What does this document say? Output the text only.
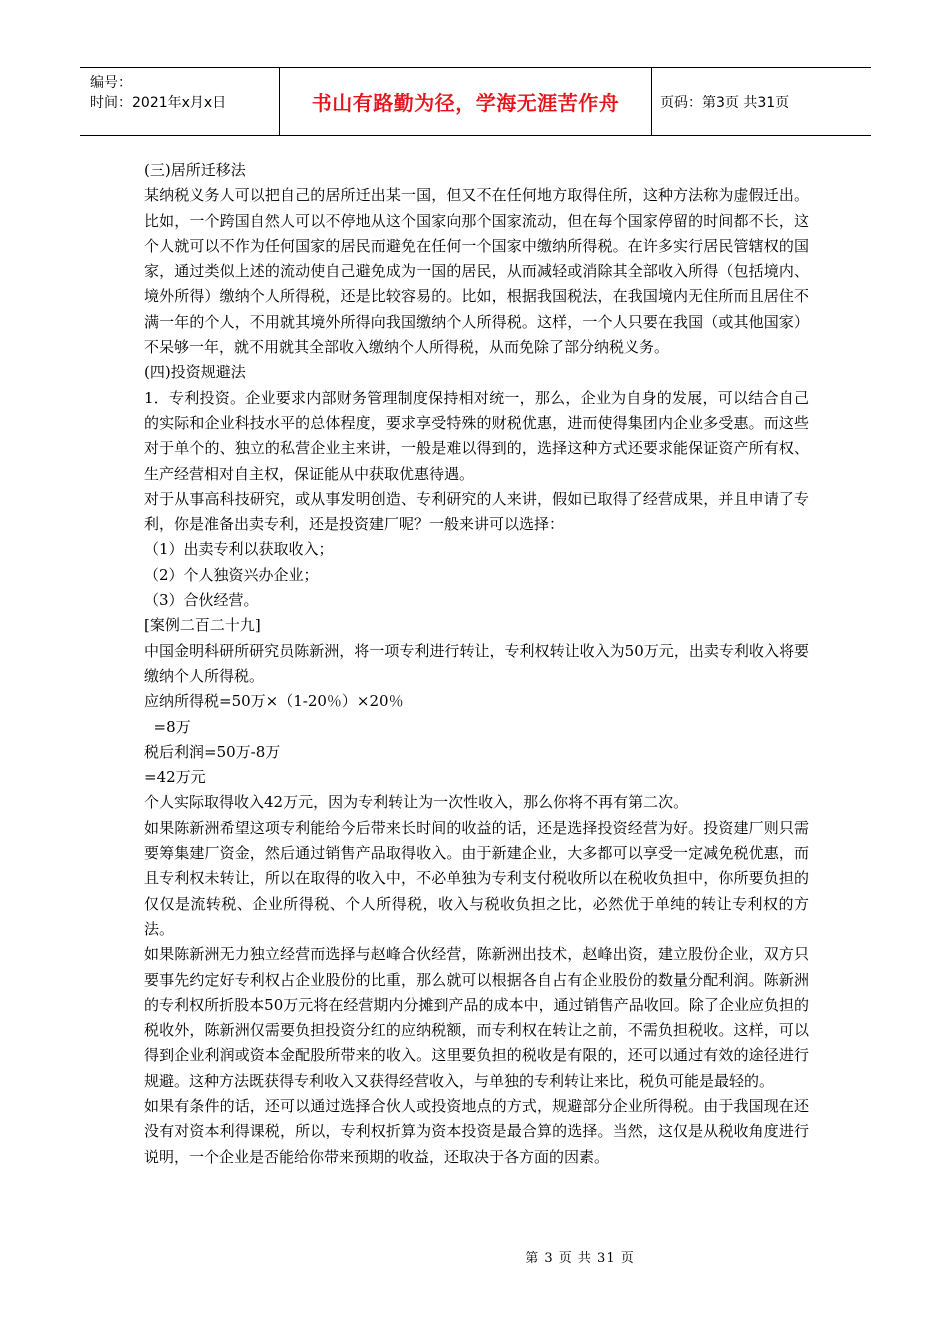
编号：
时间：2021年x月x日	书山有路勤为径，学海无涯苦作舟	页码：第3页 共31页

(三)居所迁移法

某纳税义务人可以把自己的居所迁出某一国，但又不在任何地方取得住所，这种方法称为虚假迁出。比如，一个跨国自然人可以不停地从这个国家向那个国家流动，但在每个国家停留的时间都不长，这个人就可以不作为任何国家的居民而避免在任何一个国家中缴纳所得税。在许多实行居民管辖权的国家，通过类似上述的流动使自己避免成为一国的居民，从而减轻或消除其全部收入所得（包括境内、境外所得）缴纳个人所得税，还是比较容易的。比如，根据我国税法，在我国境内无住所而且居住不满一年的个人，不用就其境外所得向我国缴纳个人所得税。这样，一个人只要在我国（或其他国家）不呆够一年，就不用就其全部收入缴纳个人所得税，从而免除了部分纳税义务。

(四)投资规避法

1．专利投资。企业要求内部财务管理制度保持相对统一，那么，企业为自身的发展，可以结合自己的实际和企业科技水平的总体程度，要求享受特殊的财税优惠，进而使得集团内企业多受惠。而这些对于单个的、独立的私营企业主来讲，一般是难以得到的，选择这种方式还要求能保证资产所有权、生产经营相对自主权，保证能从中获取优惠待遇。

对于从事高科技研究，或从事发明创造、专利研究的人来讲，假如已取得了经营成果，并且申请了专利，你是准备出卖专利，还是投资建厂呢？一般来讲可以选择：

（1）出卖专利以获取收入；

（2）个人独资兴办企业；

（3）合伙经营。

[案例二百二十九]

中国金明科研所研究员陈新洲，将一项专利进行转让，专利权转让收入为50万元，出卖专利收入将要缴纳个人所得税。

应纳所得税=50万×（1-20％）×20％

=8万

税后利润=50万-8万

=42万元

个人实际取得收入42万元，因为专利转让为一次性收入，那么你将不再有第二次。

如果陈新洲希望这项专利能给今后带来长时间的收益的话，还是选择投资经营为好。投资建厂则只需要筹集建厂资金，然后通过销售产品取得收入。由于新建企业，大多都可以享受一定减免税优惠，而且专利权未转让，所以在取得的收入中，不必单独为专利支付税收所以在税收负担中，你所要负担的仅仅是流转税、企业所得税、个人所得税，收入与税收负担之比，必然优于单纯的转让专利权的方法。

如果陈新洲无力独立经营而选择与赵峰合伙经营，陈新洲出技术，赵峰出资，建立股份企业，双方只要事先约定好专利权占企业股份的比重，那么就可以根据各自占有企业股份的数量分配利润。陈新洲的专利权所折股本50万元将在经营期内分摊到产品的成本中，通过销售产品收回。除了企业应负担的税收外，陈新洲仅需要负担投资分红的应纳税额，而专利权在转让之前，不需负担税收。这样，可以得到企业利润或资本金配股所带来的收入。这里要负担的税收是有限的，还可以通过有效的途径进行规避。这种方法既获得专利收入又获得经营收入，与单独的专利转让来比，税负可能是最轻的。

如果有条件的话，还可以通过选择合伙人或投资地点的方式，规避部分企业所得税。由于我国现在还没有对资本利得课税，所以，专利权折算为资本投资是最合算的选择。当然，这仅是从税收角度进行说明，一个企业是否能给你带来预期的收益，还取决于各方面的因素。

第 3 页 共 31 页
